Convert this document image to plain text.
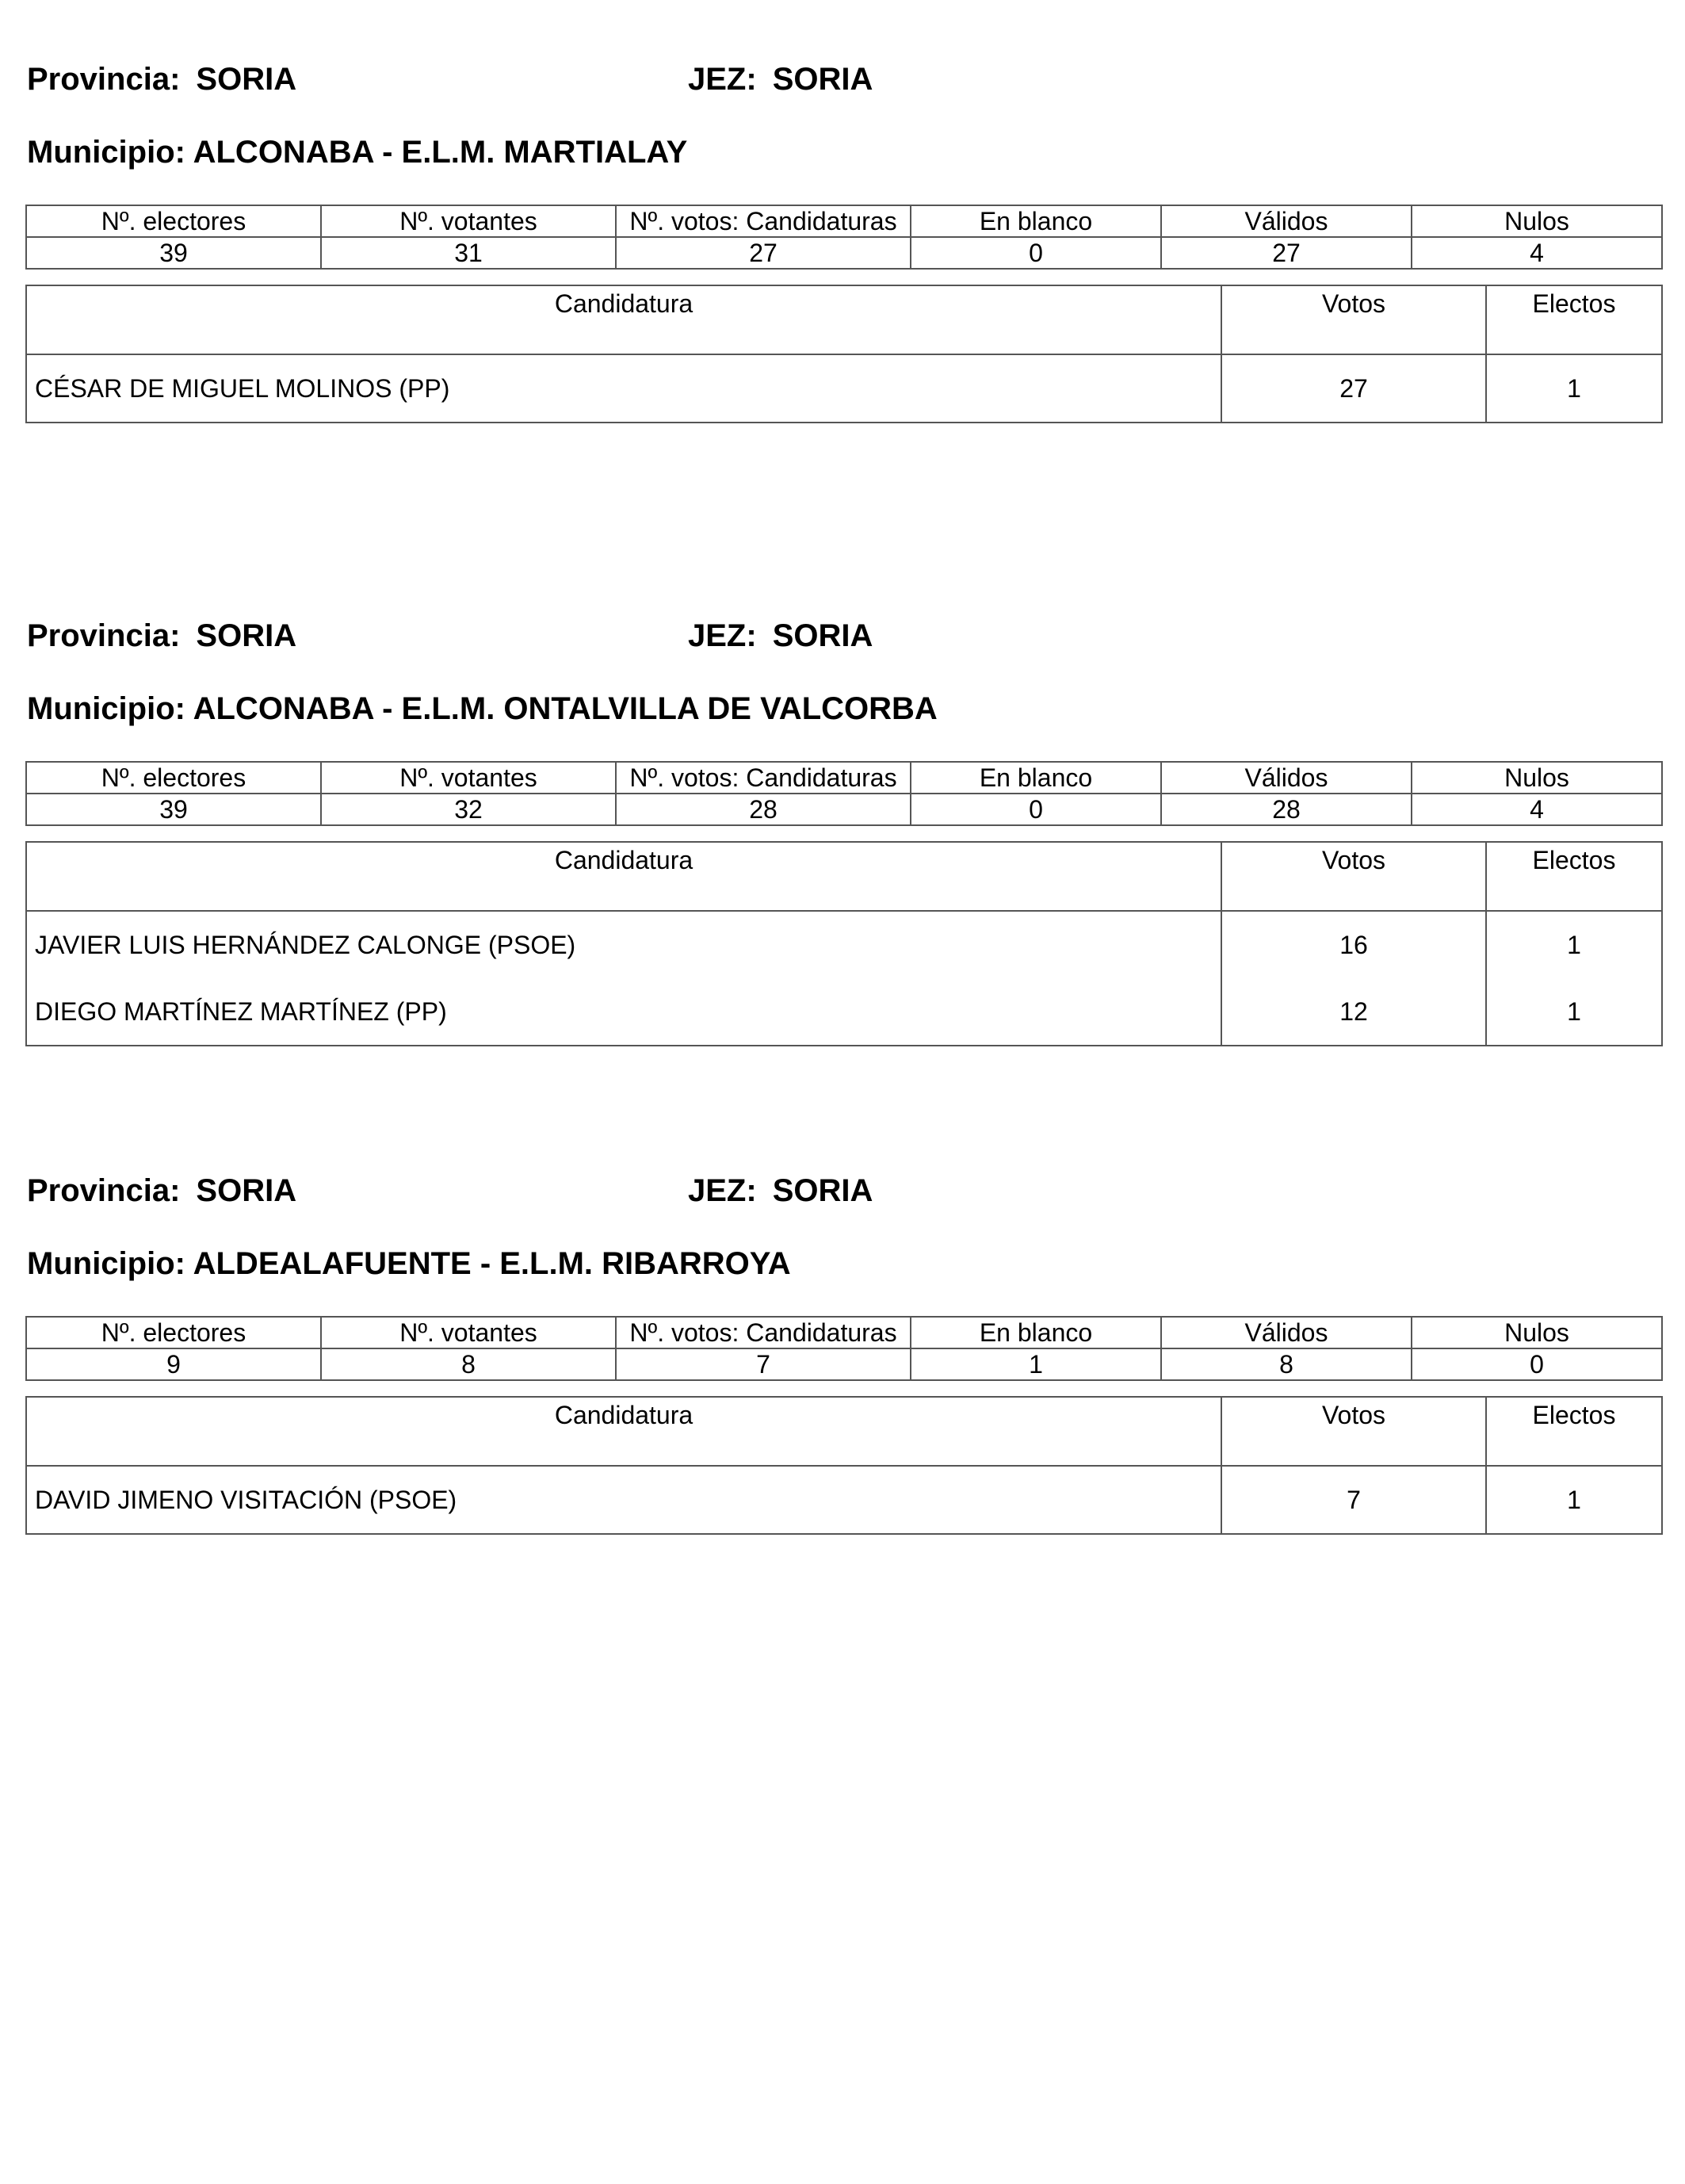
Provincia: SORIA	JEZ: SORIA
Municipio: ALCONABA - E.L.M. MARTIALAY
Nº. electores	Nº. votantes	Nº. votos: Candidaturas	En blanco	Válidos	Nulos
39	31	27	0	27	4
Candidatura	Votos	Electos
CÉSAR DE MIGUEL MOLINOS (PP)	27	1
Provincia: SORIA	JEZ: SORIA
Municipio: ALCONABA - E.L.M. ONTALVILLA DE VALCORBA
Nº. electores	Nº. votantes	Nº. votos: Candidaturas	En blanco	Válidos	Nulos
39	32	28	0	28	4
Candidatura	Votos	Electos
JAVIER LUIS HERNÁNDEZ CALONGE (PSOE)	16	1
DIEGO MARTÍNEZ MARTÍNEZ (PP)	12	1
Provincia: SORIA	JEZ: SORIA
Municipio: ALDEALAFUENTE - E.L.M. RIBARROYA
Nº. electores	Nº. votantes	Nº. votos: Candidaturas	En blanco	Válidos	Nulos
9	8	7	1	8	0
Candidatura	Votos	Electos
DAVID JIMENO VISITACIÓN (PSOE)	7	1
